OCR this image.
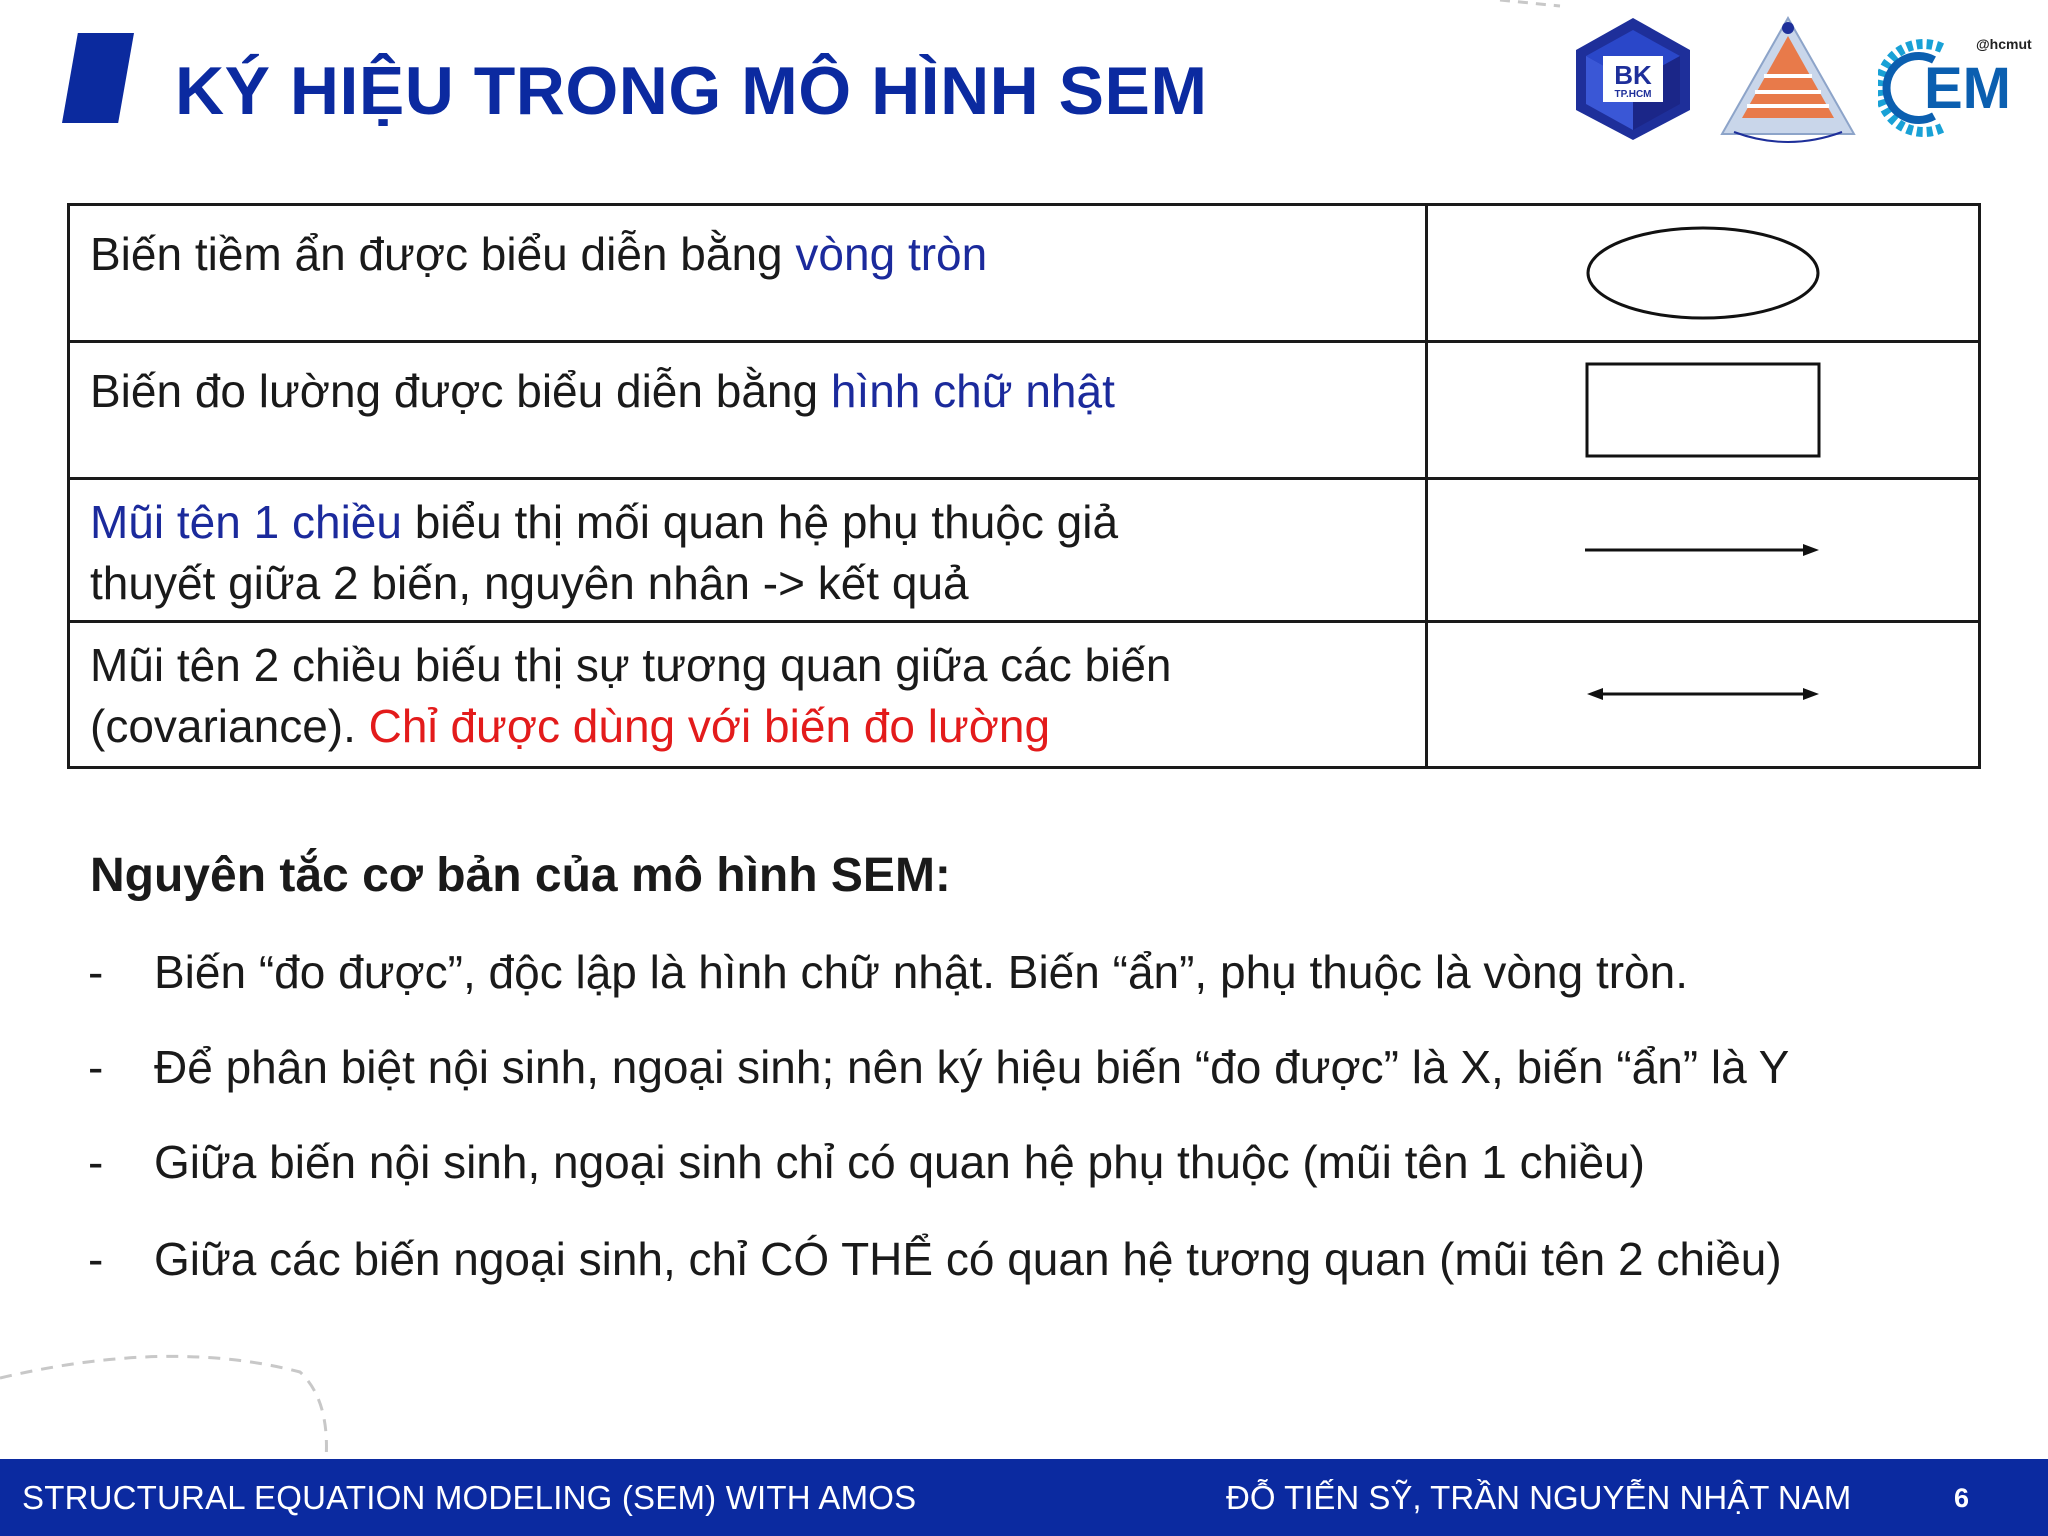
KÝ HIỆU TRONG MÔ HÌNH SEM	BK
TP.HCM	EM
@hcmut
Biến tiềm ẩn được biểu diễn bằng vòng tròn	

Biến đo lường được biểu diễn bằng hình chữ nhật	

Mũi tên 1 chiều biểu thị mối quan hệ phụ thuộc giả
thuyết giữa 2 biến, nguyên nhân -> kết quả	

Mũi tên 2 chiều biếu thị sự tương quan giữa các biến
(covariance). Chỉ được dùng với biến đo lường	
Nguyên tắc cơ bản của mô hình SEM:
- Biến “đo được”, độc lập là hình chữ nhật. Biến “ẩn”, phụ thuộc là vòng tròn.
- Để phân biệt nội sinh, ngoại sinh; nên ký hiệu biến “đo được” là X, biến “ẩn” là Y
- Giữa biến nội sinh, ngoại sinh chỉ có quan hệ phụ thuộc (mũi tên 1 chiều)
- Giữa các biến ngoại sinh, chỉ CÓ THỂ có quan hệ tương quan (mũi tên 2 chiều)
STRUCTURAL EQUATION MODELING (SEM) WITH AMOS	ĐỖ TIẾN SỸ, TRẦN NGUYỄN NHẬT NAM	6
